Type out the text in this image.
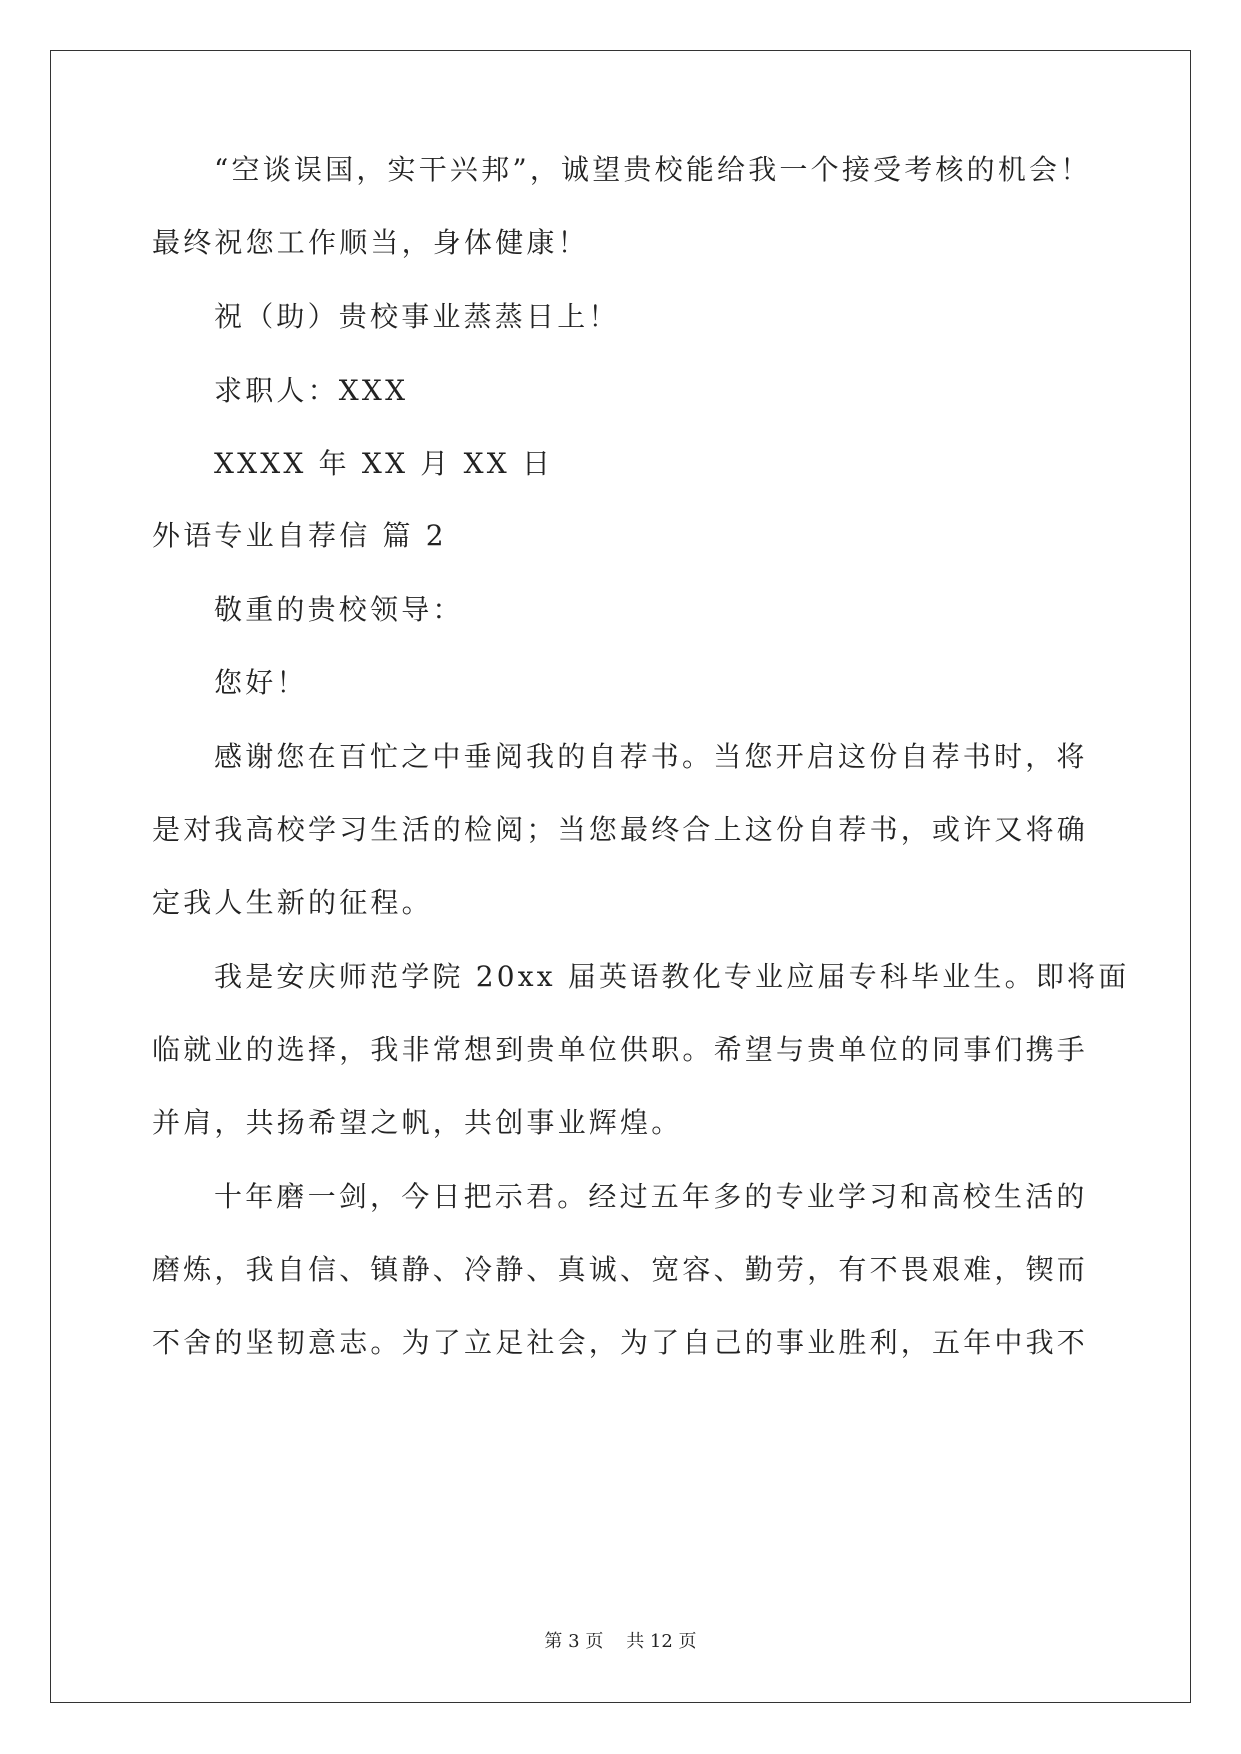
“空谈误国，实干兴邦”，诚望贵校能给我一个接受考核的机会！
最终祝您工作顺当，身体健康！
祝（助）贵校事业蒸蒸日上！
求职人：XXX
XXXX 年 XX 月 XX 日
外语专业自荐信 篇 2
敬重的贵校领导：
您好！
感谢您在百忙之中垂阅我的自荐书。当您开启这份自荐书时，将
是对我高校学习生活的检阅；当您最终合上这份自荐书，或许又将确
定我人生新的征程。
我是安庆师范学院 20xx 届英语教化专业应届专科毕业生。即将面
临就业的选择，我非常想到贵单位供职。希望与贵单位的同事们携手
并肩，共扬希望之帆，共创事业辉煌。
十年磨一剑，今日把示君。经过五年多的专业学习和高校生活的
磨炼，我自信、镇静、冷静、真诚、宽容、勤劳，有不畏艰难，锲而
不舍的坚韧意志。为了立足社会，为了自己的事业胜利，五年中我不
第 3 页    共 12 页
